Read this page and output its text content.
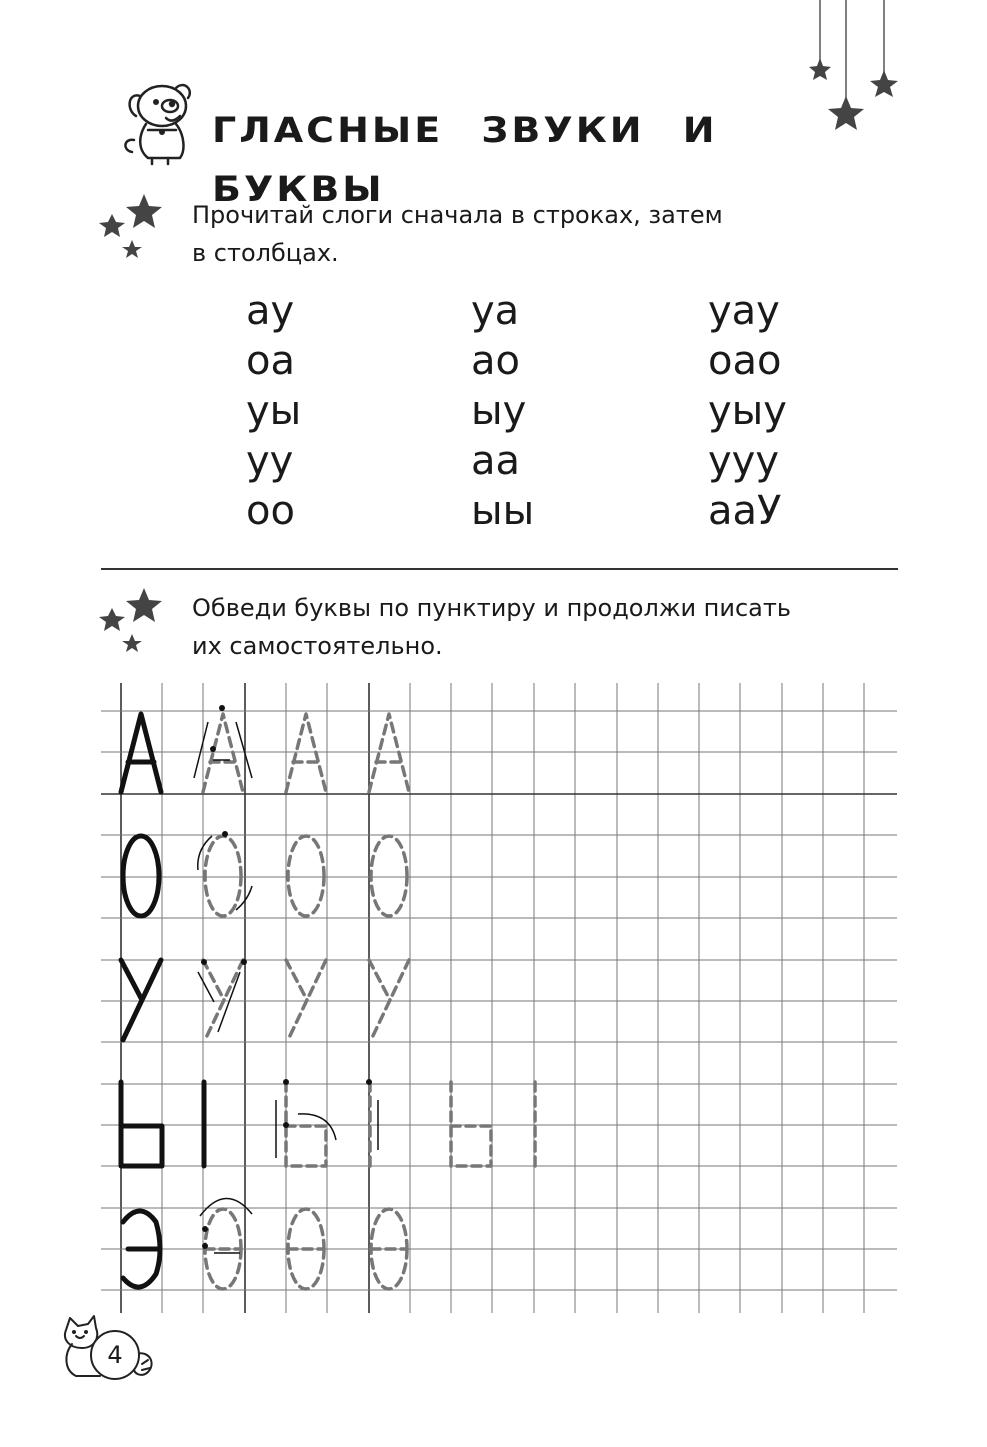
ГЛАСНЫЕ ЗВУКИ И БУКВЫ
Прочитай слоги сначала в строках, затем
в столбцах.
ау
оа
уы
уу
оо
уа
ао
ыу
аа
ыы
уау
оао
уыу
ууу
ааУ
Обведи буквы по пунктиру и продолжи писать
их самостоятельно.
4
